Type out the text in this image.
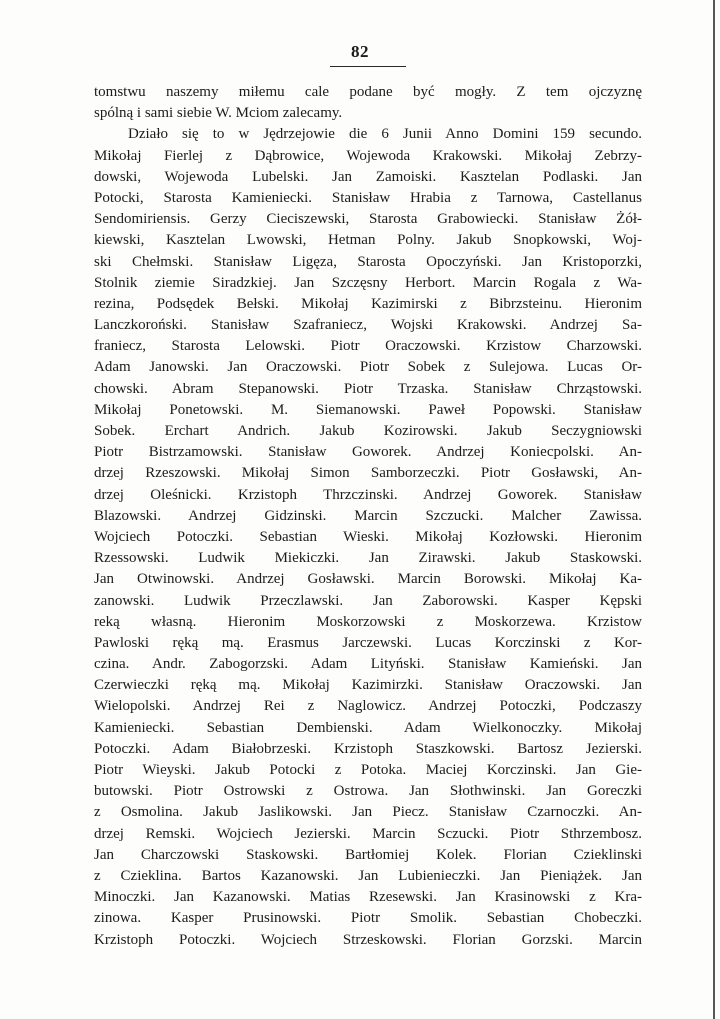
82
tomstwu naszemy miłemu cale podane być mogły. Z tem ojczyznę
spólną i sami siebie W. Mciom zalecamy.
Działo się to w Jędrzejowie die 6 Junii Anno Domini 159 secundo.
Mikołaj Fierlej z Dąbrowice, Wojewoda Krakowski. Mikołaj Zebrzy-
dowski, Wojewoda Lubelski. Jan Zamoiski. Kasztelan Podlaski. Jan
Potocki, Starosta Kamieniecki. Stanisław Hrabia z Tarnowa, Castellanus
Sendomiriensis. Gerzy Cieciszewski, Starosta Grabowiecki. Stanisław Żół-
kiewski, Kasztelan Lwowski, Hetman Polny. Jakub Snopkowski, Woj-
ski Chełmski. Stanisław Ligęza, Starosta Opoczyński. Jan Kristoporzki,
Stolnik ziemie Siradzkiej. Jan Szczęsny Herbort. Marcin Rogala z Wa-
rezina, Podsędek Bełski. Mikołaj Kazimirski z Bibrzsteinu. Hieronim
Lanczkoroński. Stanisław Szafraniecz, Wojski Krakowski. Andrzej Sa-
franiecz, Starosta Lelowski. Piotr Oraczowski. Krzistow Charzowski.
Adam Janowski. Jan Oraczowski. Piotr Sobek z Sulejowa. Lucas Or-
chowski. Abram Stepanowski. Piotr Trzaska. Stanisław Chrząstowski.
Mikołaj Ponetowski. M. Siemanowski. Paweł Popowski. Stanisław
Sobek. Erchart Andrich. Jakub Kozirowski. Jakub Seczygniowski
Piotr Bistrzamowski. Stanisław Goworek. Andrzej Koniecpolski. An-
drzej Rzeszowski. Mikołaj Simon Samborzeczki. Piotr Gosławski, An-
drzej Oleśnicki. Krzistoph Thrzczinski. Andrzej Goworek. Stanisław
Blazowski. Andrzej Gidzinski. Marcin Szczucki. Malcher Zawissa.
Wojciech Potoczki. Sebastian Wieski. Mikołaj Kozłowski. Hieronim
Rzessowski. Ludwik Miekiczki. Jan Zirawski. Jakub Staskowski.
Jan Otwinowski. Andrzej Gosławski. Marcin Borowski. Mikołaj Ka-
zanowski. Ludwik Przeczlawski. Jan Zaborowski. Kasper Kępski
reką własną. Hieronim Moskorzowski z Moskorzewa. Krzistow
Pawloski ręką mą. Erasmus Jarczewski. Lucas Korczinski z Kor-
czina. Andr. Zabogorzski. Adam Lityński. Stanisław Kamieński. Jan
Czerwieczki ręką mą. Mikołaj Kazimirzki. Stanisław Oraczowski. Jan
Wielopolski. Andrzej Rei z Naglowicz. Andrzej Potoczki, Podczaszy
Kamieniecki. Sebastian Dembienski. Adam Wielkonoczky. Mikołaj
Potoczki. Adam Białobrzeski. Krzistoph Staszkowski. Bartosz Jezierski.
Piotr Wieyski. Jakub Potocki z Potoka. Maciej Korczinski. Jan Gie-
butowski. Piotr Ostrowski z Ostrowa. Jan Słothwinski. Jan Goreczki
z Osmolina. Jakub Jaslikowski. Jan Piecz. Stanisław Czarnoczki. An-
drzej Remski. Wojciech Jezierski. Marcin Sczucki. Piotr Sthrzembosz.
Jan Charczowski Staskowski. Bartłomiej Kolek. Florian Czieklinski
z Czieklina. Bartos Kazanowski. Jan Lubienieczki. Jan Pieniążek. Jan
Minoczki. Jan Kazanowski. Matias Rzesewski. Jan Krasinowski z Kra-
zinowa. Kasper Prusinowski. Piotr Smolik. Sebastian Chobeczki.
Krzistoph Potoczki. Wojciech Strzeskowski. Florian Gorzski. Marcin
